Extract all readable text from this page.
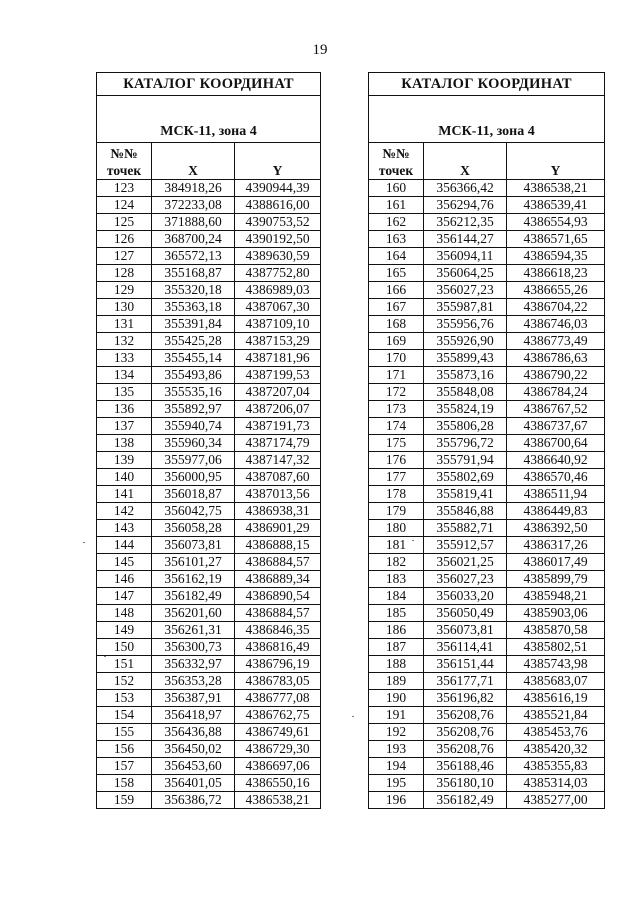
19
КАТАЛОГ КООРДИНАТ		
МСК-11, зона 4		

№№
точек	X	Y
123	384918,26	4390944,39
124	372233,08	4388616,00
125	371888,60	4390753,52
126	368700,24	4390192,50
127	365572,13	4389630,59
128	355168,87	4387752,80
129	355320,18	4386989,03
130	355363,18	4387067,30
131	355391,84	4387109,10
132	355425,28	4387153,29
133	355455,14	4387181,96
134	355493,86	4387199,53
135	355535,16	4387207,04
136	355892,97	4387206,07
137	355940,74	4387191,73
138	355960,34	4387174,79
139	355977,06	4387147,32
140	356000,95	4387087,60
141	356018,87	4387013,56
142	356042,75	4386938,31
143	356058,28	4386901,29
144	356073,81	4386888,15
145	356101,27	4386884,57
146	356162,19	4386889,34
147	356182,49	4386890,54
148	356201,60	4386884,57
149	356261,31	4386846,35
150	356300,73	4386816,49
151	356332,97	4386796,19
152	356353,28	4386783,05
153	356387,91	4386777,08
154	356418,97	4386762,75
155	356436,88	4386749,61
156	356450,02	4386729,30
157	356453,60	4386697,06
158	356401,05	4386550,16
159	356386,72	4386538,21
КАТАЛОГ КООРДИНАТ		
МСК-11, зона 4		

№№
точек	X	Y
160	356366,42	4386538,21
161	356294,76	4386539,41
162	356212,35	4386554,93
163	356144,27	4386571,65
164	356094,11	4386594,35
165	356064,25	4386618,23
166	356027,23	4386655,26
167	355987,81	4386704,22
168	355956,76	4386746,03
169	355926,90	4386773,49
170	355899,43	4386786,63
171	355873,16	4386790,22
172	355848,08	4386784,24
173	355824,19	4386767,52
174	355806,28	4386737,67
175	355796,72	4386700,64
176	355791,94	4386640,92
177	355802,69	4386570,46
178	355819,41	4386511,94
179	355846,88	4386449,83
180	355882,71	4386392,50
181	355912,57	4386317,26
182	356021,25	4386017,49
183	356027,23	4385899,79
184	356033,20	4385948,21
185	356050,49	4385903,06
186	356073,81	4385870,58
187	356114,41	4385802,51
188	356151,44	4385743,98
189	356177,71	4385683,07
190	356196,82	4385616,19
191	356208,76	4385521,84
192	356208,76	4385453,76
193	356208,76	4385420,32
194	356188,46	4385355,83
195	356180,10	4385314,03
196	356182,49	4385277,00
